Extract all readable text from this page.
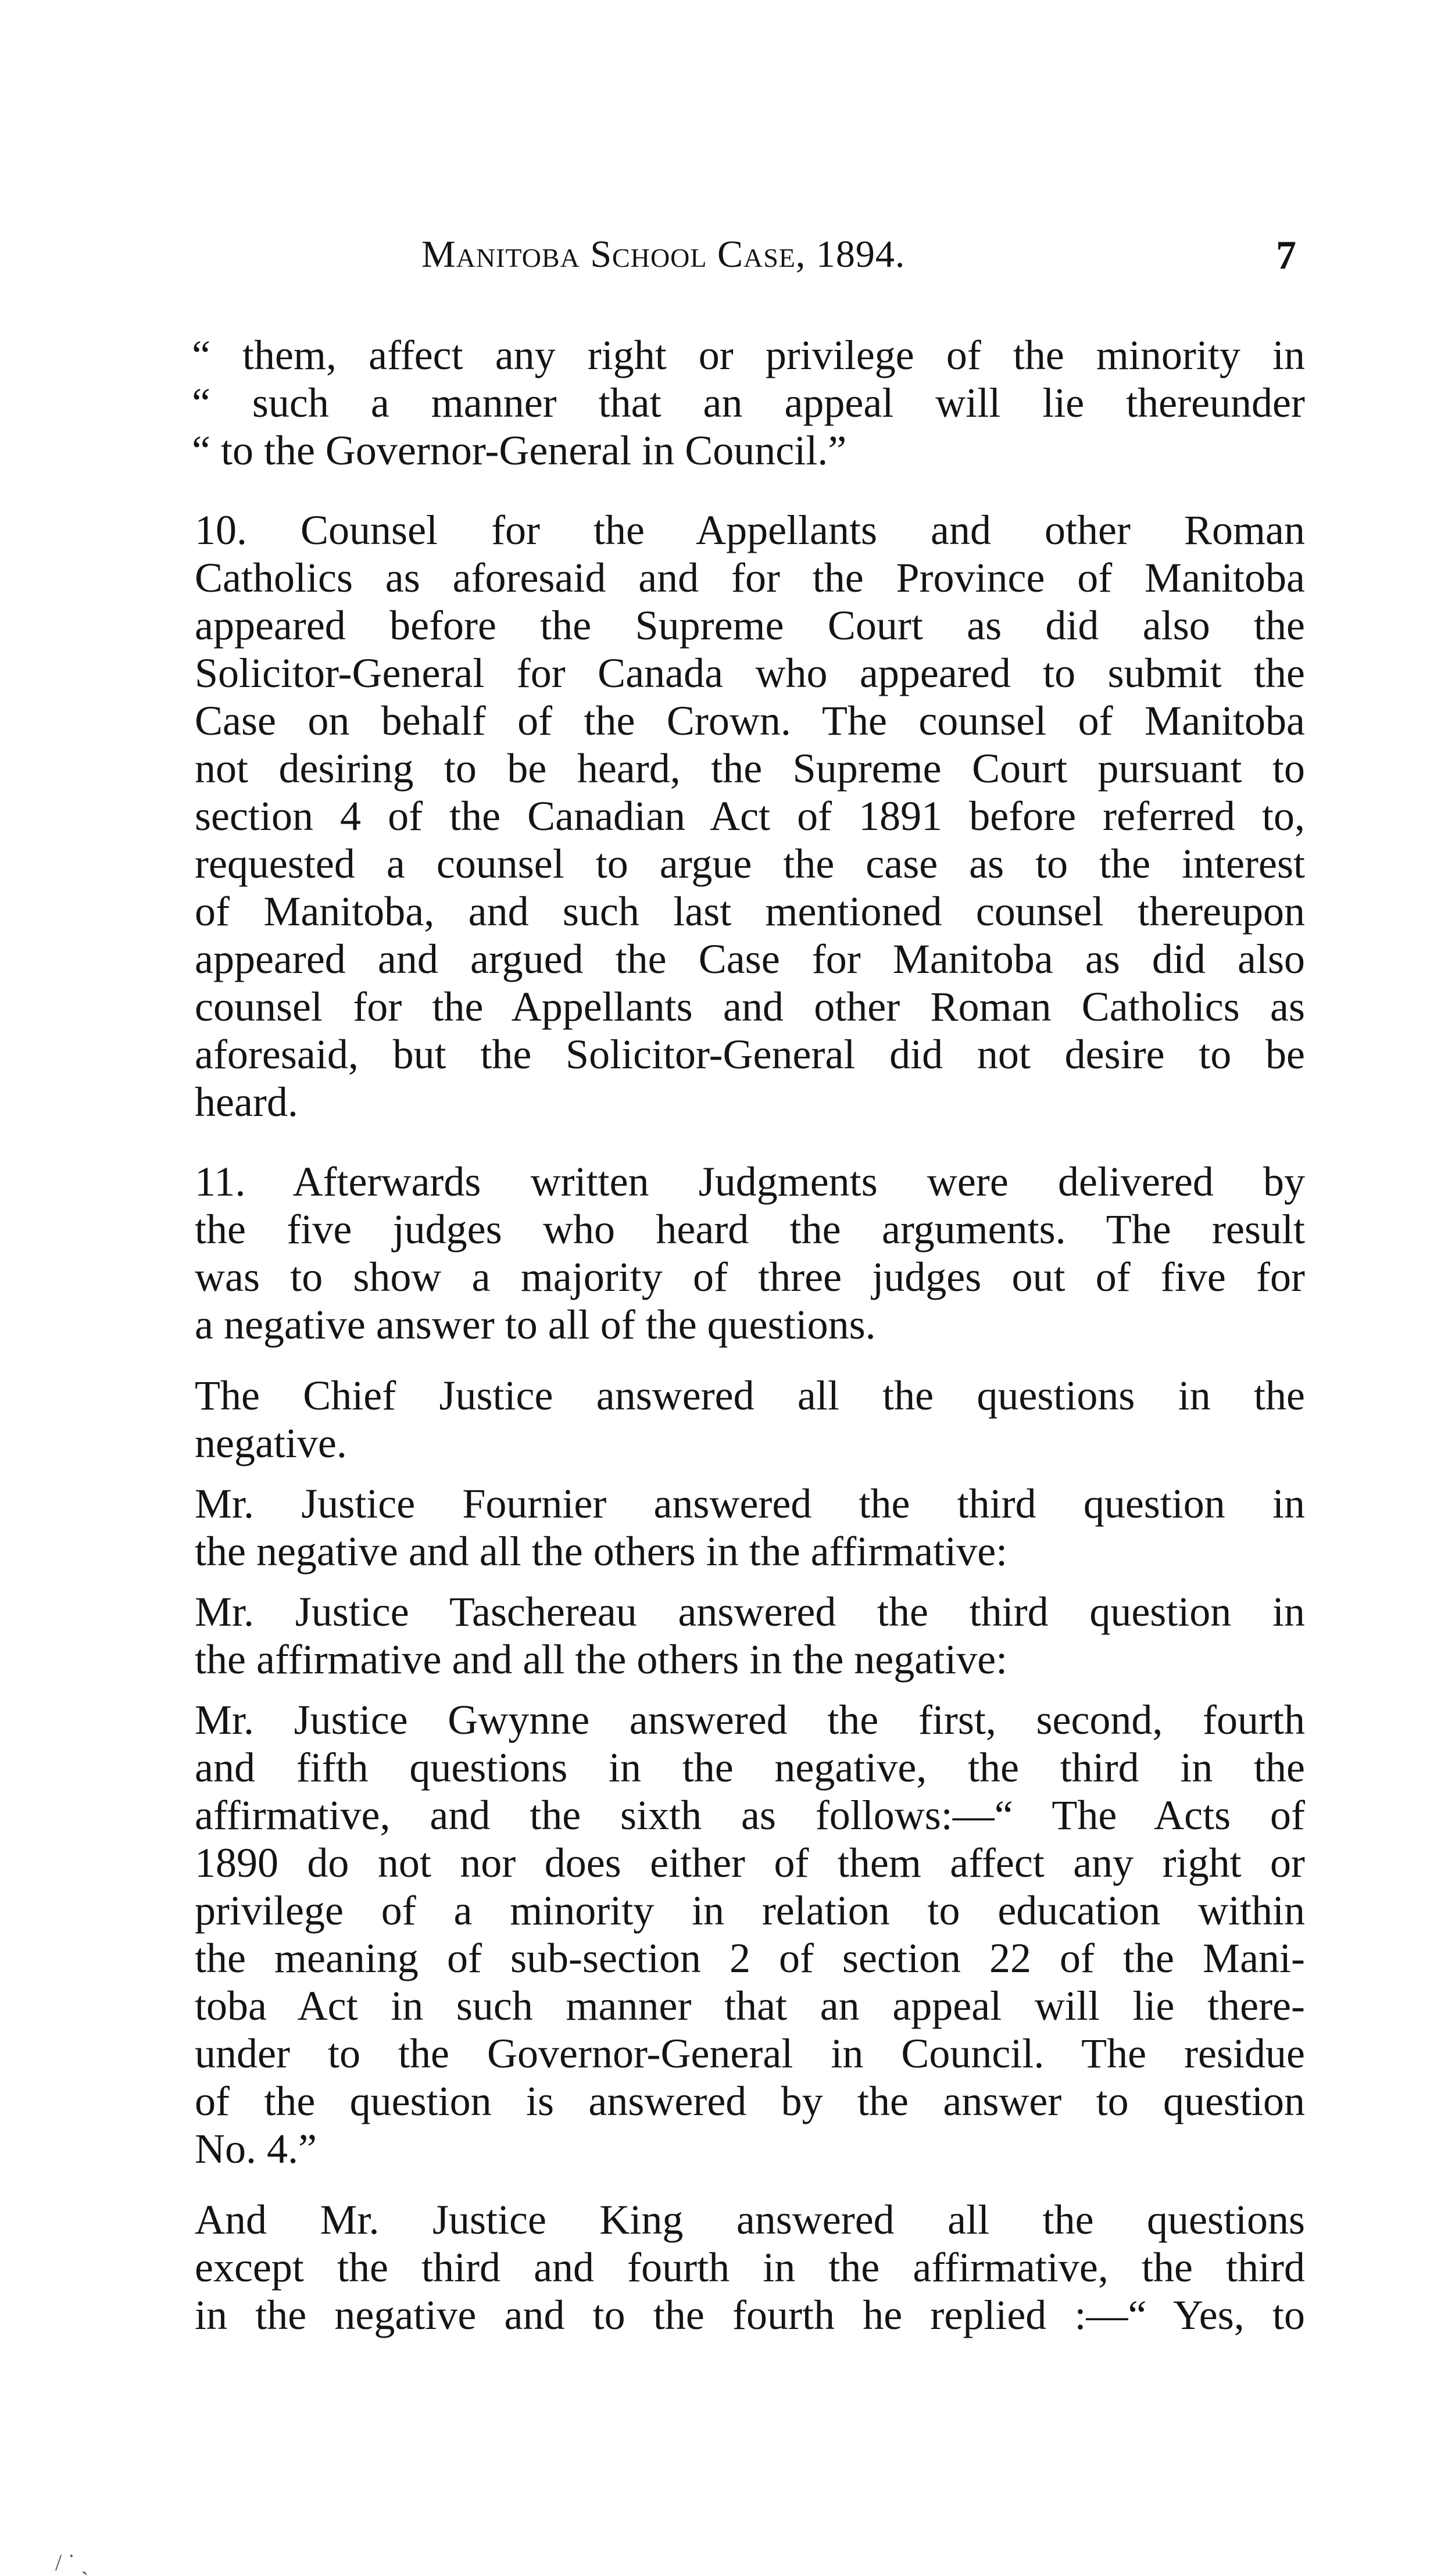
Manitoba School Case, 1894.	7

“ them, affect any right or privilege of the minority in
“ such a manner that an appeal will lie thereunder
“ to the Governor-General in Council.”

10. Counsel for the Appellants and other Roman
Catholics as aforesaid and for the Province of Manitoba
appeared before the Supreme Court as did also the
Solicitor-General for Canada who appeared to submit the
Case on behalf of the Crown. The counsel of Manitoba
not desiring to be heard, the Supreme Court pursuant to
section 4 of the Canadian Act of 1891 before referred to,
requested a counsel to argue the case as to the interest
of Manitoba, and such last mentioned counsel thereupon
appeared and argued the Case for Manitoba as did also
counsel for the Appellants and other Roman Catholics as
aforesaid, but the Solicitor-General did not desire to be
heard.

11. Afterwards written Judgments were delivered by
the five judges who heard the arguments. The result
was to show a majority of three judges out of five for
a negative answer to all of the questions.

The Chief Justice answered all the questions in the
negative.

Mr. Justice Fournier answered the third question in
the negative and all the others in the affirmative:

Mr. Justice Taschereau answered the third question in
the affirmative and all the others in the negative:

Mr. Justice Gwynne answered the first, second, fourth
and fifth questions in the negative, the third in the
affirmative, and the sixth as follows:—“ The Acts of
1890 do not nor does either of them affect any right or
privilege of a minority in relation to education within
the meaning of sub-section 2 of section 22 of the Mani-
toba Act in such manner that an appeal will lie there-
under to the Governor-General in Council. The residue
of the question is answered by the answer to question
No. 4.”

And Mr. Justice King answered all the questions
except the third and fourth in the affirmative, the third
in the negative and to the fourth he replied :—“ Yes, to

/ ˙ ˎ
